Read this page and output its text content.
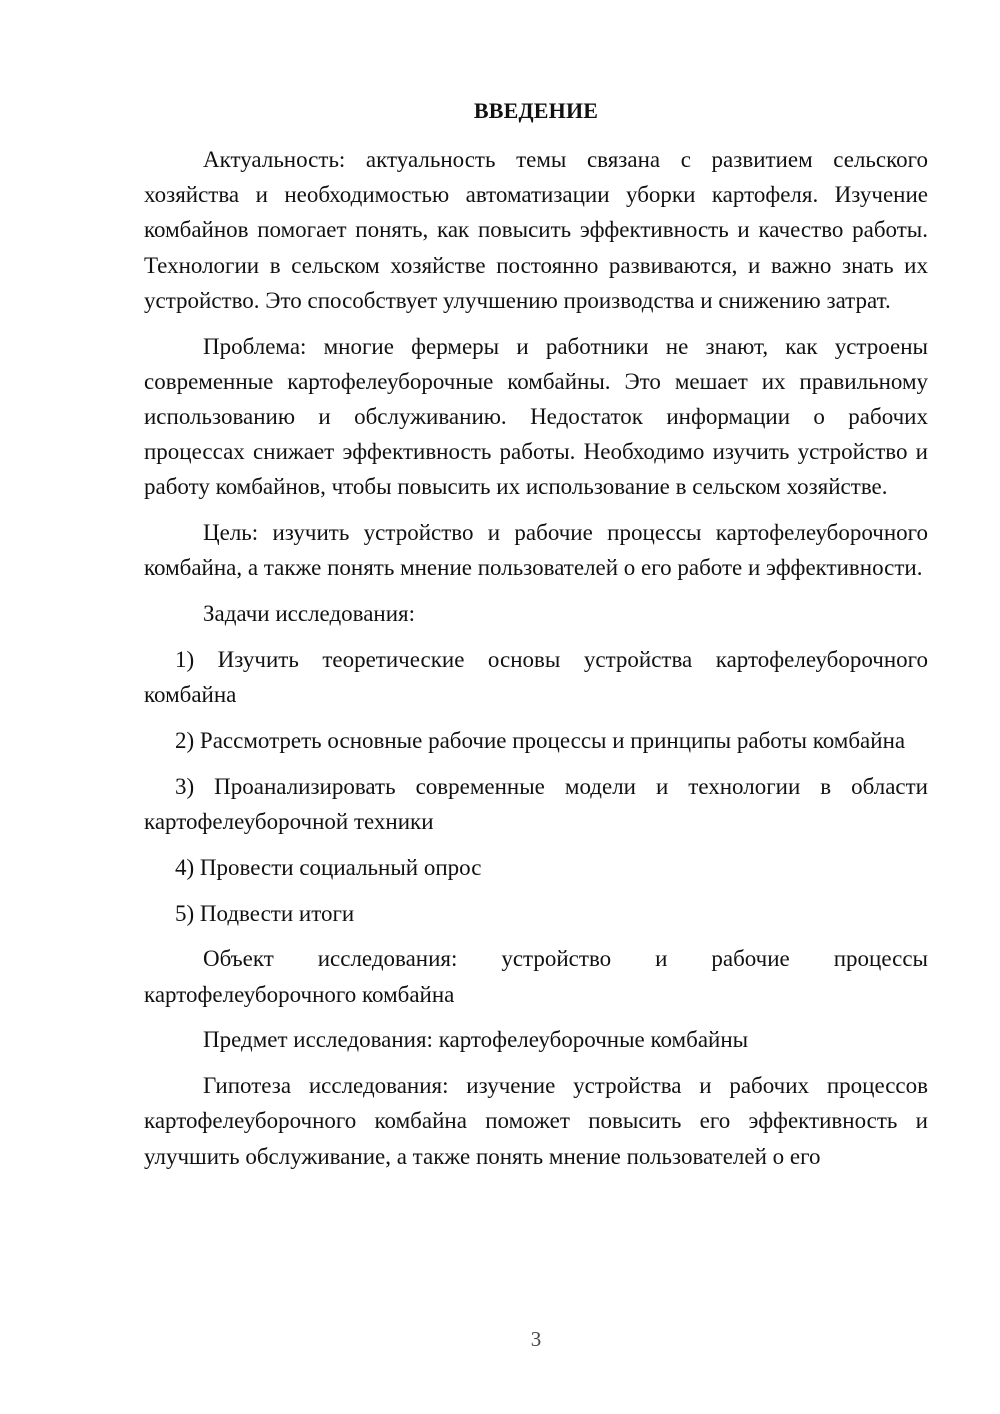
ВВЕДЕНИЕ

Актуальность: актуальность темы связана с развитием сельского хозяйства и необходимостью автоматизации уборки картофеля. Изучение комбайнов помогает понять, как повысить эффективность и качество работы. Технологии в сельском хозяйстве постоянно развиваются, и важно знать их устройство. Это способствует улучшению производства и снижению затрат.

Проблема: многие фермеры и работники не знают, как устроены современные картофелеуборочные комбайны. Это мешает их правильному использованию и обслуживанию. Недостаток информации о рабочих процессах снижает эффективность работы. Необходимо изучить устройство и работу комбайнов, чтобы повысить их использование в сельском хозяйстве.

Цель: изучить устройство и рабочие процессы картофелеуборочного комбайна, а также понять мнение пользователей о его работе и эффективности.

Задачи исследования:

1) Изучить теоретические основы устройства картофелеуборочного комбайна

2) Рассмотреть основные рабочие процессы и принципы работы комбайна

3) Проанализировать современные модели и технологии в области картофелеуборочной техники

4) Провести социальный опрос

5) Подвести итоги

Объект исследования: устройство и рабочие процессы картофелеуборочного комбайна

Предмет исследования: картофелеуборочные комбайны

Гипотеза исследования: изучение устройства и рабочих процессов картофелеуборочного комбайна поможет повысить его эффективность и улучшить обслуживание, а также понять мнение пользователей о его

3
